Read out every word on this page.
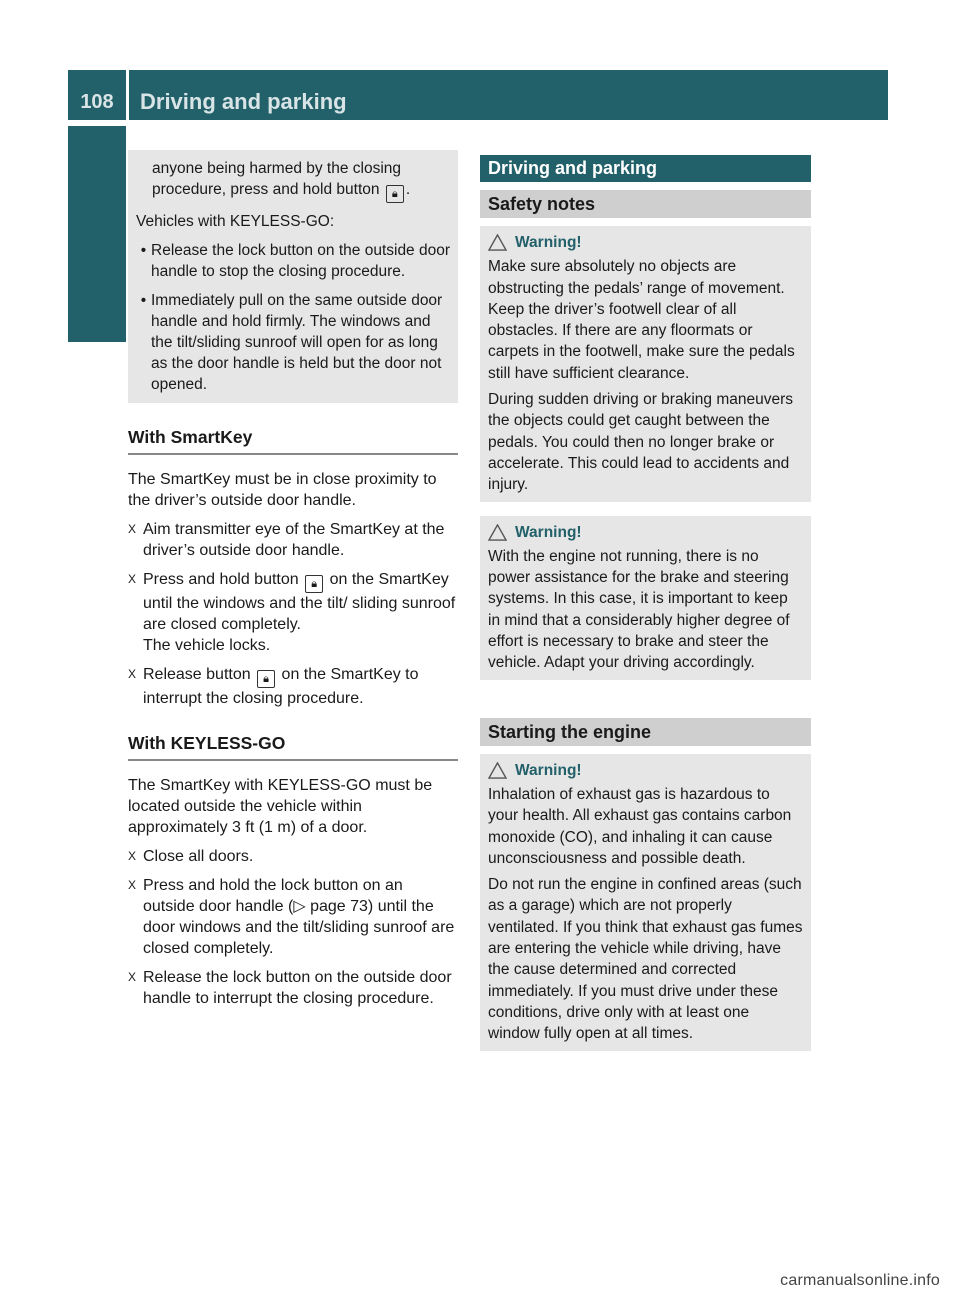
108	Driving and parking
Controls in detail	anyone being harmed by the closing procedure, press and hold button 🔒︎ .

Vehicles with KEYLESS-GO:

• Release the lock button on the outside door handle to stop the closing procedure.
• Immediately pull on the same outside door handle and hold firmly. The windows and the tilt/sliding sunroof will open for as long as the door handle is held but the door not opened.
With SmartKey
The SmartKey must be in close proximity to the driver’s outside door handle.
X Aim transmitter eye of the SmartKey at the driver’s outside door handle.
X Press and hold button 🔒︎ on the SmartKey until the windows and the tilt/ sliding sunroof are closed completely.
The vehicle locks.
X Release button 🔒︎ on the SmartKey to interrupt the closing procedure.
With KEYLESS-GO
The SmartKey with KEYLESS-GO must be located outside the vehicle within approximately 3 ft (1 m) of a door.
X Close all doors.
X Press and hold the lock button on an outside door handle (▷ page 73) until the door windows and the tilt/sliding sunroof are closed completely.
X Release the lock button on the outside door handle to interrupt the closing procedure.
Driving and parking
Safety notes
Warning!

Make sure absolutely no objects are obstructing the pedals’ range of movement. Keep the driver’s footwell clear of all obstacles. If there are any floormats or carpets in the footwell, make sure the pedals still have sufficient clearance.

During sudden driving or braking maneuvers the objects could get caught between the pedals. You could then no longer brake or accelerate. This could lead to accidents and injury.

Warning!

With the engine not running, there is no power assistance for the brake and steering systems. In this case, it is important to keep in mind that a considerably higher degree of effort is necessary to brake and steer the vehicle. Adapt your driving accordingly.

Starting the engine
Warning!

Inhalation of exhaust gas is hazardous to your health. All exhaust gas contains carbon monoxide (CO), and inhaling it can cause unconsciousness and possible death.

Do not run the engine in confined areas (such as a garage) which are not properly ventilated. If you think that exhaust gas fumes are entering the vehicle while driving, have the cause determined and corrected immediately. If you must drive under these conditions, drive only with at least one window fully open at all times.

carmanualsonline.info
